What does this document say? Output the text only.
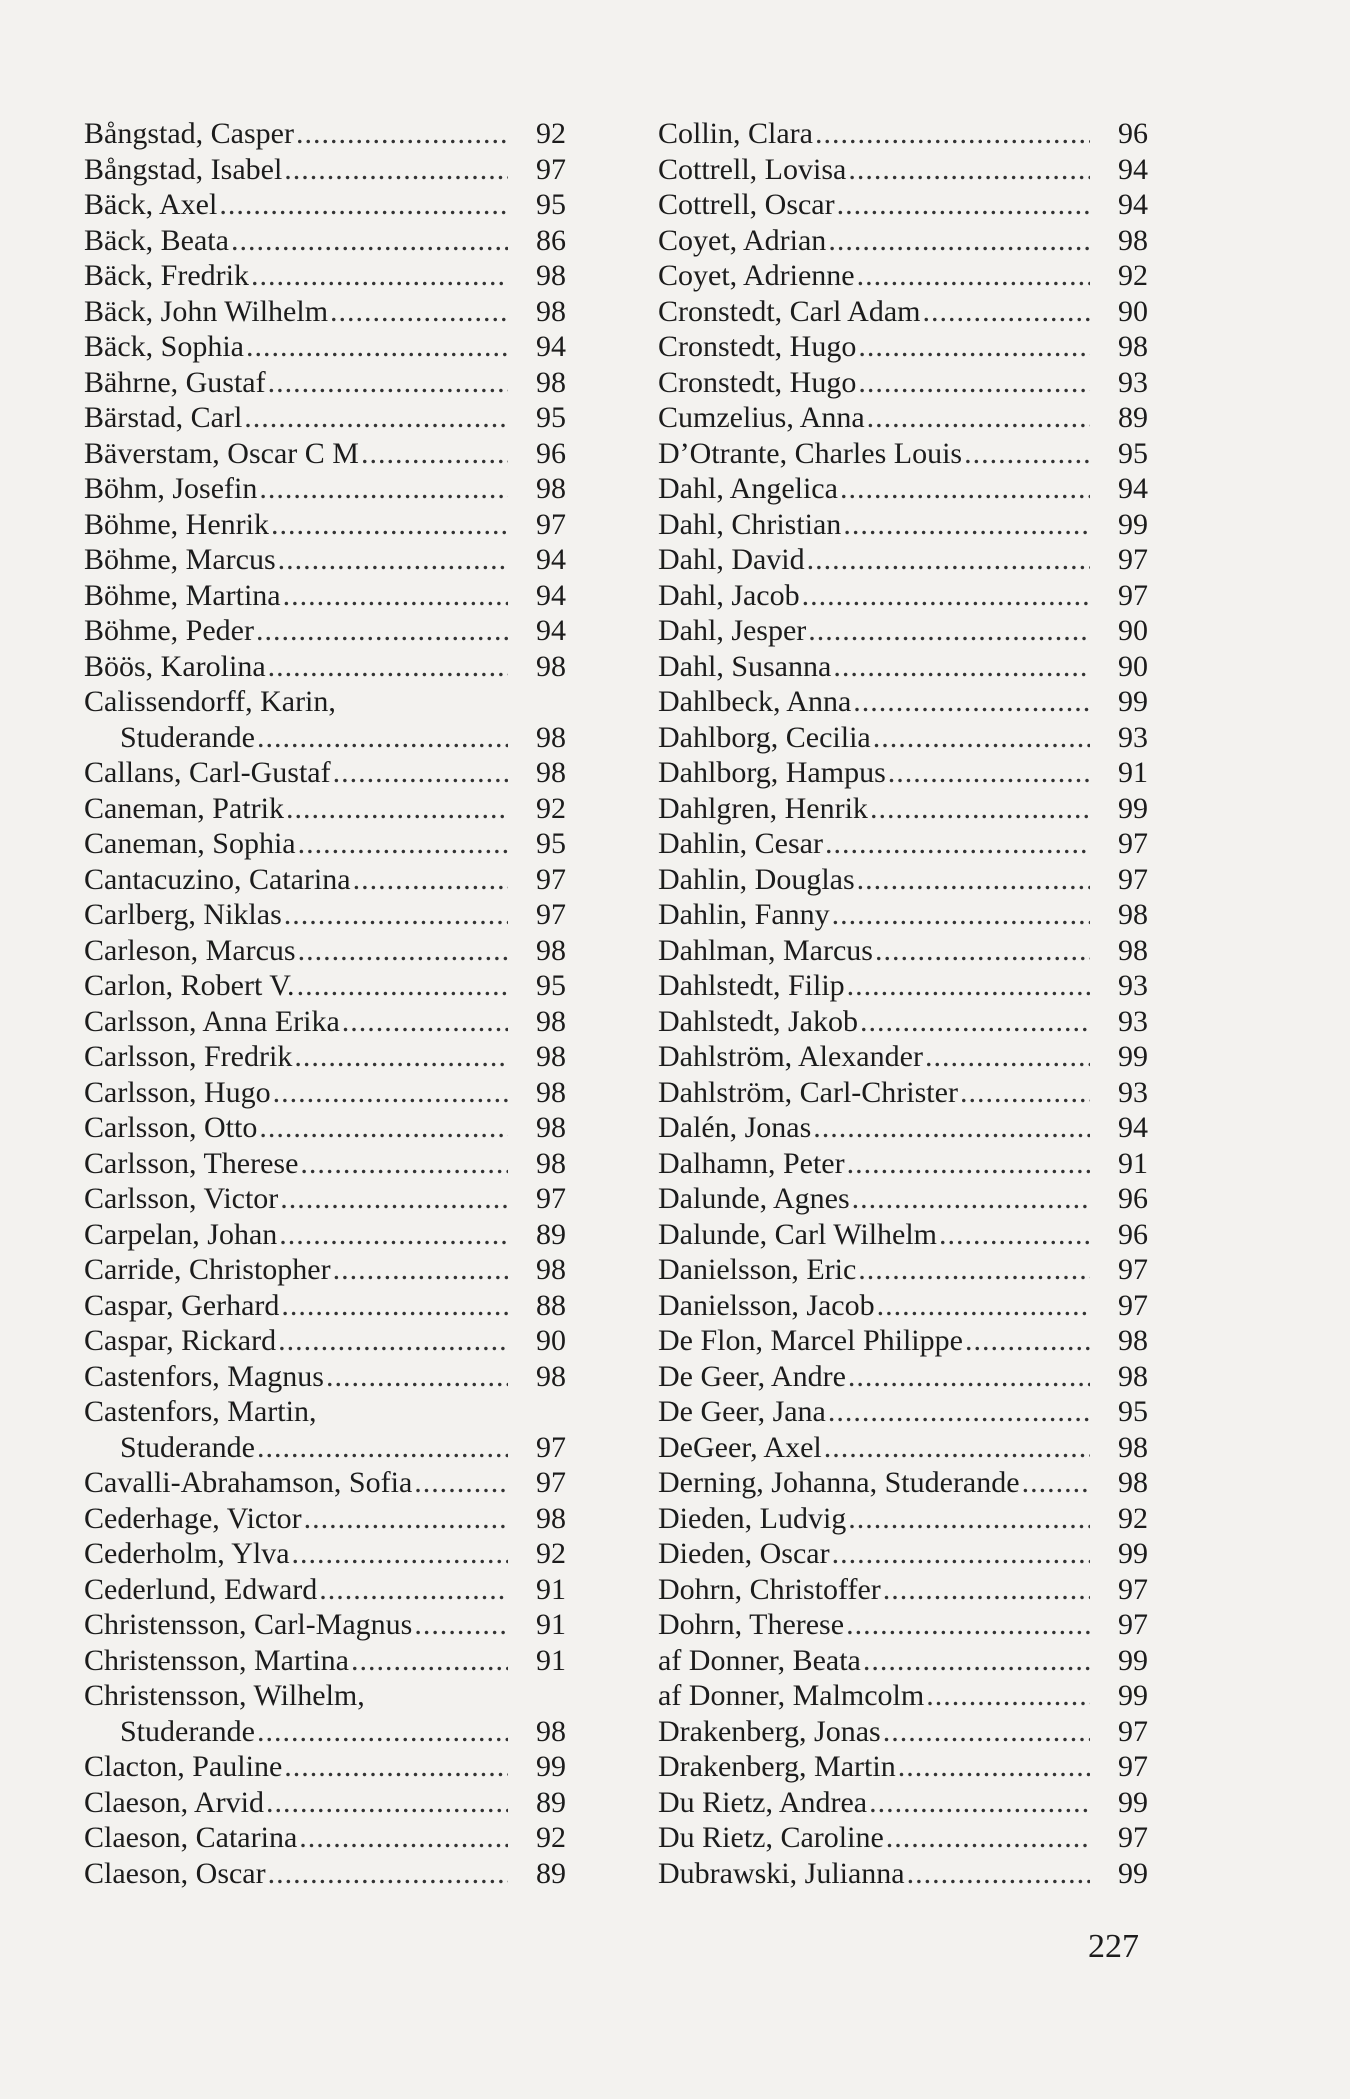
Bångstad, Casper .....	92
Bångstad, Isabel .....	97
Bäck, Axel .....	95
Bäck, Beata .....	86
Bäck, Fredrik .....	98
Bäck, John Wilhelm .....	98
Bäck, Sophia .....	94
Bährne, Gustaf .....	98
Bärstad, Carl .....	95
Bäverstam, Oscar C M .....	96
Böhm, Josefin .....	98
Böhme, Henrik .....	97
Böhme, Marcus .....	94
Böhme, Martina .....	94
Böhme, Peder .....	94
Böös, Karolina .....	98
Calissendorff, Karin,
Studerande .....	98
Callans, Carl-Gustaf .....	98
Caneman, Patrik .....	92
Caneman, Sophia .....	95
Cantacuzino, Catarina .....	97
Carlberg, Niklas .....	97
Carleson, Marcus .....	98
Carlon, Robert V. .....	95
Carlsson, Anna Erika .....	98
Carlsson, Fredrik .....	98
Carlsson, Hugo .....	98
Carlsson, Otto .....	98
Carlsson, Therese .....	98
Carlsson, Victor .....	97
Carpelan, Johan .....	89
Carride, Christopher .....	98
Caspar, Gerhard .....	88
Caspar, Rickard .....	90
Castenfors, Magnus .....	98
Castenfors, Martin,
Studerande .....	97
Cavalli-Abrahamson, Sofia .....	97
Cederhage, Victor .....	98
Cederholm, Ylva .....	92
Cederlund, Edward .....	91
Christensson, Carl-Magnus .....	91
Christensson, Martina .....	91
Christensson, Wilhelm,
Studerande .....	98
Clacton, Pauline .....	99
Claeson, Arvid .....	89
Claeson, Catarina .....	92
Claeson, Oscar .....	89
Collin, Clara .....	96
Cottrell, Lovisa .....	94
Cottrell, Oscar .....	94
Coyet, Adrian .....	98
Coyet, Adrienne .....	92
Cronstedt, Carl Adam .....	90
Cronstedt, Hugo .....	98
Cronstedt, Hugo .....	93
Cumzelius, Anna .....	89
D’Otrante, Charles Louis .....	95
Dahl, Angelica .....	94
Dahl, Christian .....	99
Dahl, David .....	97
Dahl, Jacob .....	97
Dahl, Jesper .....	90
Dahl, Susanna .....	90
Dahlbeck, Anna .....	99
Dahlborg, Cecilia .....	93
Dahlborg, Hampus .....	91
Dahlgren, Henrik .....	99
Dahlin, Cesar .....	97
Dahlin, Douglas .....	97
Dahlin, Fanny .....	98
Dahlman, Marcus .....	98
Dahlstedt, Filip .....	93
Dahlstedt, Jakob .....	93
Dahlström, Alexander .....	99
Dahlström, Carl-Christer .....	93
Dalén, Jonas .....	94
Dalhamn, Peter .....	91
Dalunde, Agnes .....	96
Dalunde, Carl Wilhelm .....	96
Danielsson, Eric .....	97
Danielsson, Jacob .....	97
De Flon, Marcel Philippe .....	98
De Geer, Andre .....	98
De Geer, Jana .....	95
DeGeer, Axel .....	98
Derning, Johanna, Studerande .....	98
Dieden, Ludvig .....	92
Dieden, Oscar .....	99
Dohrn, Christoffer .....	97
Dohrn, Therese .....	97
af Donner, Beata .....	99
af Donner, Malmcolm .....	99
Drakenberg, Jonas .....	97
Drakenberg, Martin .....	97
Du Rietz, Andrea .....	99
Du Rietz, Caroline .....	97
Dubrawski, Julianna .....	99
227
